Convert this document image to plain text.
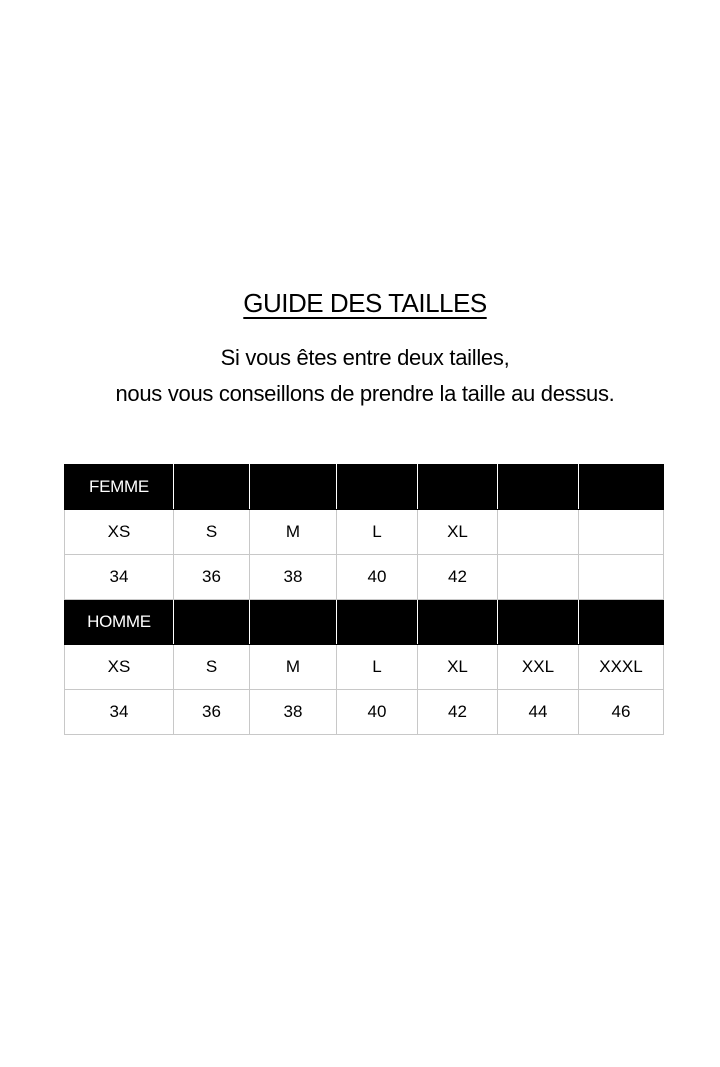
GUIDE DES TAILLES
Si vous êtes entre deux tailles,
nous vous conseillons de prendre la taille au dessus.
FEMME						

XS	S	M	L	XL		
34	36	38	40	42		

HOMME						

XS	S	M	L	XL	XXL	XXXL
34	36	38	40	42	44	46
